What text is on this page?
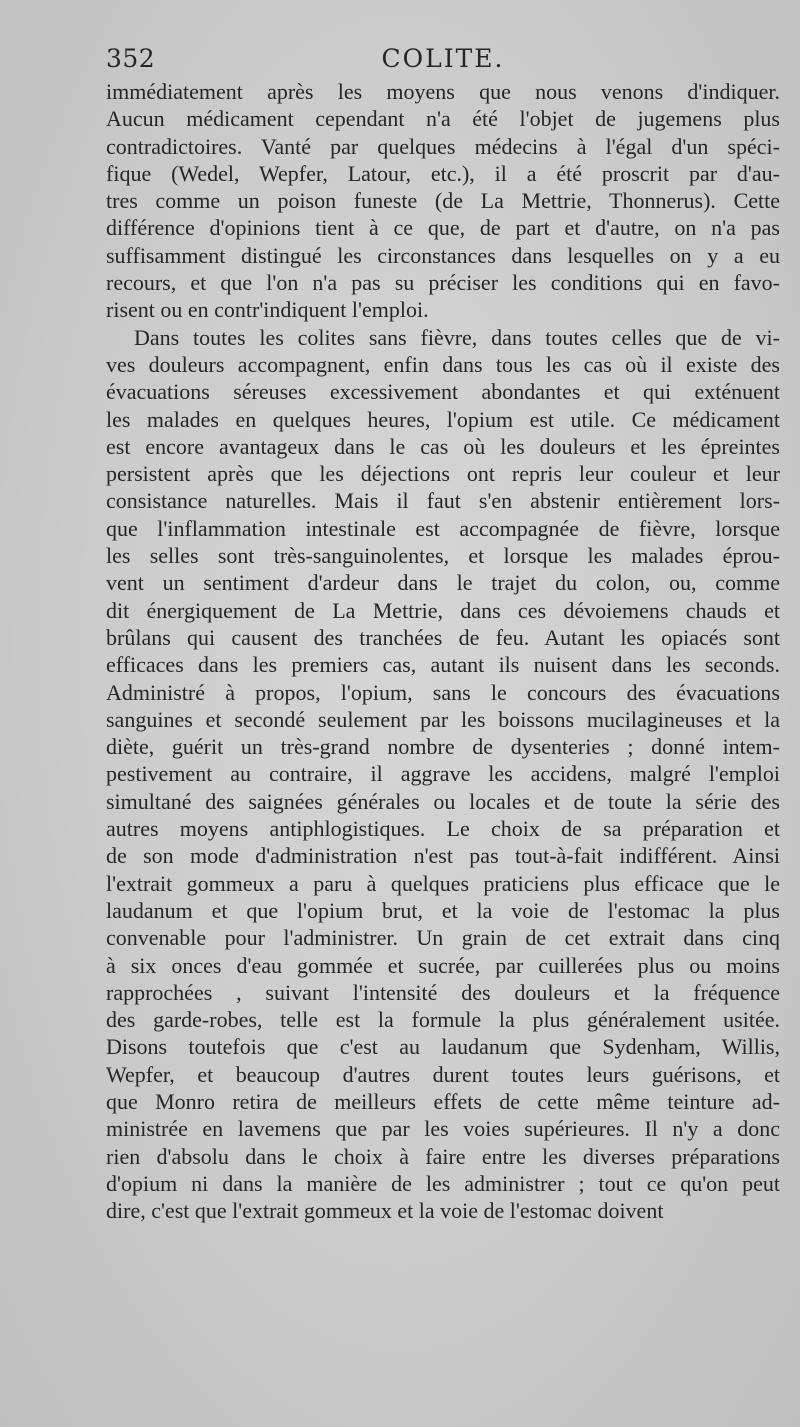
352	COLITE.
immédiatement après les moyens que nous venons d'indiquer.
Aucun médicament cependant n'a été l'objet de jugemens plus
contradictoires. Vanté par quelques médecins à l'égal d'un spéci-
fique (Wedel, Wepfer, Latour, etc.), il a été proscrit par d'au-
tres comme un poison funeste (de La Mettrie, Thonnerus). Cette
différence d'opinions tient à ce que, de part et d'autre, on n'a pas
suffisamment distingué les circonstances dans lesquelles on y a eu
recours, et que l'on n'a pas su préciser les conditions qui en favo-
risent ou en contr'indiquent l'emploi.
Dans toutes les colites sans fièvre, dans toutes celles que de vi-
ves douleurs accompagnent, enfin dans tous les cas où il existe des
évacuations séreuses excessivement abondantes et qui exténuent
les malades en quelques heures, l'opium est utile. Ce médicament
est encore avantageux dans le cas où les douleurs et les épreintes
persistent après que les déjections ont repris leur couleur et leur
consistance naturelles. Mais il faut s'en abstenir entièrement lors-
que l'inflammation intestinale est accompagnée de fièvre, lorsque
les selles sont très-sanguinolentes, et lorsque les malades éprou-
vent un sentiment d'ardeur dans le trajet du colon, ou, comme
dit énergiquement de La Mettrie, dans ces dévoiemens chauds et
brûlans qui causent des tranchées de feu. Autant les opiacés sont
efficaces dans les premiers cas, autant ils nuisent dans les seconds.
Administré à propos, l'opium, sans le concours des évacuations
sanguines et secondé seulement par les boissons mucilagineuses et la
diète, guérit un très-grand nombre de dysenteries ; donné intem-
pestivement au contraire, il aggrave les accidens, malgré l'emploi
simultané des saignées générales ou locales et de toute la série des
autres moyens antiphlogistiques. Le choix de sa préparation et
de son mode d'administration n'est pas tout-à-fait indifférent. Ainsi
l'extrait gommeux a paru à quelques praticiens plus efficace que le
laudanum et que l'opium brut, et la voie de l'estomac la plus
convenable pour l'administrer. Un grain de cet extrait dans cinq
à six onces d'eau gommée et sucrée, par cuillerées plus ou moins
rapprochées , suivant l'intensité des douleurs et la fréquence
des garde-robes, telle est la formule la plus généralement usitée.
Disons toutefois que c'est au laudanum que Sydenham, Willis,
Wepfer, et beaucoup d'autres durent toutes leurs guérisons, et
que Monro retira de meilleurs effets de cette même teinture ad-
ministrée en lavemens que par les voies supérieures. Il n'y a donc
rien d'absolu dans le choix à faire entre les diverses préparations
d'opium ni dans la manière de les administrer ; tout ce qu'on peut
dire, c'est que l'extrait gommeux et la voie de l'estomac doivent
